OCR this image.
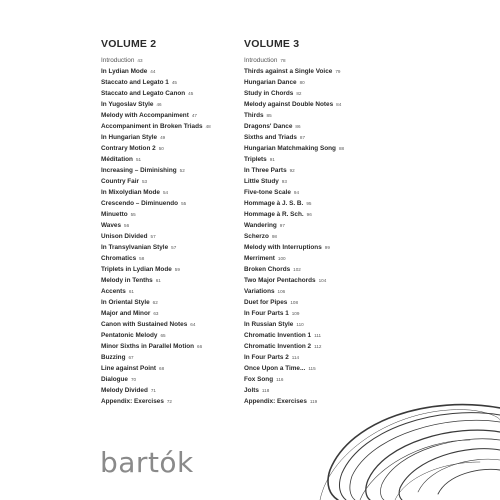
VOLUME 2
Introduction 43
In Lydian Mode 44
Staccato and Legato 1 45
Staccato and Legato Canon 45
In Yugoslav Style 46
Melody with Accompaniment 47
Accompaniment in Broken Triads 48
In Hungarian Style 49
Contrary Motion 2 50
Méditation 51
Increasing – Diminishing 52
Country Fair 53
In Mixolydian Mode 54
Crescendo – Diminuendo 55
Minuetto 55
Waves 56
Unison Divided 57
In Transylvanian Style 57
Chromatics 58
Triplets in Lydian Mode 59
Melody in Tenths 61
Accents 61
In Oriental Style 62
Major and Minor 63
Canon with Sustained Notes 64
Pentatonic Melody 65
Minor Sixths in Parallel Motion 66
Buzzing 67
Line against Point 68
Dialogue 70
Melody Divided 71
Appendix: Exercises 72
VOLUME 3
Introduction 78
Thirds against a Single Voice 79
Hungarian Dance 80
Study in Chords 82
Melody against Double Notes 84
Thirds 85
Dragons' Dance 86
Sixths and Triads 87
Hungarian Matchmaking Song 88
Triplets 91
In Three Parts 92
Little Study 93
Five-tone Scale 94
Hommage à J. S. B. 95
Hommage à R. Sch. 96
Wandering 97
Scherzo 98
Melody with Interruptions 99
Merriment 100
Broken Chords 102
Two Major Pentachords 104
Variations 106
Duet for Pipes 108
In Four Parts 1 109
In Russian Style 110
Chromatic Invention 1 111
Chromatic Invention 2 112
In Four Parts 2 114
Once Upon a Time... 115
Fox Song 116
Jolts 118
Appendix: Exercises 119
bartók
